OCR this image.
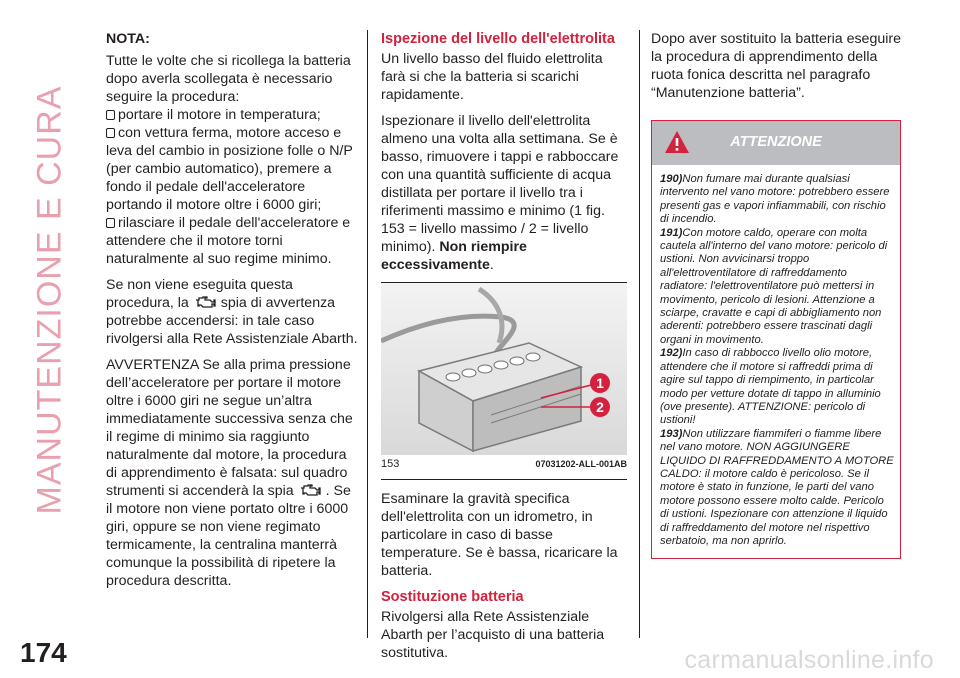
MANUTENZIONE E CURA
174

NOTA:

Tutte le volte che si ricollega la batteria dopo averla scollegata è necessario seguire la procedura:

portare il motore in temperatura;

con vettura ferma, motore acceso e leva del cambio in posizione folle o N/P (per cambio automatico), premere a fondo il pedale dell'acceleratore portando il motore oltre i 6000 giri;

rilasciare il pedale dell'acceleratore e attendere che il motore torni naturalmente al suo regime minimo.

Se non viene eseguita questa procedura, la spia di avvertenza potrebbe accendersi: in tale caso rivolgersi alla Rete Assistenziale Abarth.

AVVERTENZA Se alla prima pressione dell’acceleratore per portare il motore oltre i 6000 giri ne segue un’altra immediatamente successiva senza che il regime di minimo sia raggiunto naturalmente dal motore, la procedura di apprendimento è falsata: sul quadro strumenti si accenderà la spia . Se il motore non viene portato oltre i 6000 giri, oppure se non viene regimato termicamente, la centralina manterrà comunque la possibilità di ripetere la procedura descritta.

Ispezione del livello dell'elettrolita

Un livello basso del fluido elettrolita farà si che la batteria si scarichi rapidamente.

Ispezionare il livello dell'elettrolita almeno una volta alla settimana. Se è basso, rimuovere i tappi e rabboccare con una quantità sufficiente di acqua distillata per portare il livello tra i riferimenti massimo e minimo (1 fig. 153 = livello massimo / 2 = livello minimo). Non riempire eccessivamente.

1
2
153	07031202-ALL-001AB

Esaminare la gravità specifica dell'elettrolita con un idrometro, in particolare in caso di basse temperature. Se è bassa, ricaricare la batteria.

Sostituzione batteria

Rivolgersi alla Rete Assistenziale Abarth per l’acquisto di una batteria sostitutiva.

Dopo aver sostituito la batteria eseguire la procedura di apprendimento della ruota fonica descritta nel paragrafo “Manutenzione batteria”.

ATTENZIONE
190)Non fumare mai durante qualsiasi intervento nel vano motore: potrebbero essere presenti gas e vapori infiammabili, con rischio di incendio.
191)Con motore caldo, operare con molta cautela all'interno del vano motore: pericolo di ustioni. Non avvicinarsi troppo all'elettroventilatore di raffreddamento radiatore: l'elettroventilatore può mettersi in movimento, pericolo di lesioni. Attenzione a sciarpe, cravatte e capi di abbigliamento non aderenti: potrebbero essere trascinati dagli organi in movimento.
192)In caso di rabbocco livello olio motore, attendere che il motore si raffreddi prima di agire sul tappo di riempimento, in particolar modo per vetture dotate di tappo in alluminio (ove presente). ATTENZIONE: pericolo di ustioni!
193)Non utilizzare fiammiferi o fiamme libere nel vano motore. NON AGGIUNGERE LIQUIDO DI RAFFREDDAMENTO A MOTORE CALDO: il motore caldo è pericoloso. Se il motore è stato in funzione, le parti del vano motore possono essere molto calde. Pericolo di ustioni. Ispezionare con attenzione il liquido di raffreddamento del motore nel rispettivo serbatoio, ma non aprirlo.
carmanualsonline.info
